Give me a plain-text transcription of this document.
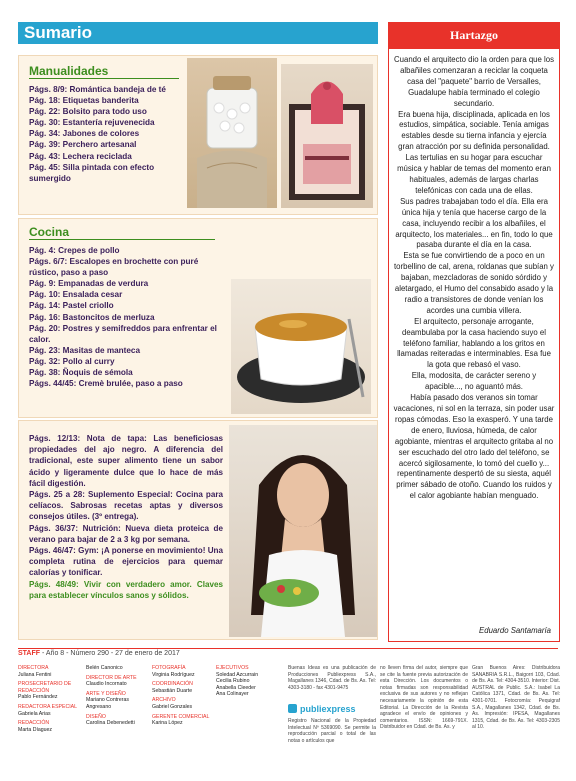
Sumario
Manualidades
Págs. 8/9: Romántica bandeja de té
Pág. 18: Etiquetas banderita
Pág. 22: Bolsito para todo uso
Pág. 30: Estantería rejuvenecida
Pág. 34: Jabones de colores
Pág. 39: Perchero artesanal
Pág. 43: Lechera reciclada
Pág. 45: Silla pintada con efecto sumergido
Cocina
Pág. 4: Crepes de pollo
Págs. 6/7: Escalopes en brochette con puré rústico, paso a paso
Pág. 9: Empanadas de verdura
Pág. 10: Ensalada cesar
Pág. 14: Pastel criollo
Pág. 16: Bastoncitos de merluza
Pág. 20: Postres y semifreddos para enfrentar el calor.
Pág. 23: Masitas de manteca
Pág. 32: Pollo al curry
Pág. 38: Ñoquis de sémola
Págs. 44/45: Cremè brulée, paso a paso

Págs. 12/13: Nota de tapa: Las beneficiosas propiedades del ajo negro. A diferencia del tradicional, este super alimento tiene un sabor ácido y ligeramente dulce que lo hace de más fácil digestión.

Págs. 25 a 28: Suplemento Especial: Cocina para celíacos. Sabrosas recetas aptas y diversos consejos útiles. (3º entrega).

Págs. 36/37: Nutrición: Nueva dieta proteica de verano para bajar de 2 a 3 kg por semana.

Págs. 46/47: Gym: ¡A ponerse en movimiento! Una completa rutina de ejercicios para quemar calorías y tonificar.

Págs. 48/49: Vivir con verdadero amor. Claves para establecer vínculos sanos y sólidos.

Hartazgo

Cuando el arquitecto dio la orden para que los albañiles comenzaran a reciclar la coqueta casa del "paquete" barrio de Versalles, Guadalupe había terminado el colegio secundario.

Era buena hija, disciplinada, aplicada en los estudios, simpática, sociable. Tenía amigas estables desde su tierna infancia y ejercía gran atracción por su definida personalidad.

Las tertulias en su hogar para escuchar música y hablar de temas del momento eran habituales, además de largas charlas telefónicas con cada una de ellas.

Sus padres trabajaban todo el día. Ella era única hija y tenía que hacerse cargo de la casa, incluyendo recibir a los albañiles, el arquitecto, los materiales... en fin, todo lo que pasaba durante el día en la casa.

Esta se fue convirtiendo de a poco en un torbellino de cal, arena, roldanas que subían y bajaban, mezcladoras de sonido sórdido y aletargado, el Humo del consabido asado y la radio a transistores de donde venían los acordes una cumbia villera.

El arquitecto, personaje arrogante, deambulaba por la casa haciendo suyo el teléfono familiar, hablando a los gritos en llamadas reiteradas e interminables. Esa fue la gota que rebasó el vaso.

Ella, modosita, de carácter sereno y apacible..., no aguantó más.

Había pasado dos veranos sin tomar vacaciones, ni sol en la terraza, sin poder usar ropas cómodas. Eso la exasperó. Y una tarde de enero, lluviosa, húmeda, de calor agobiante, mientras el arquitecto gritaba al no ser escuchado del otro lado del teléfono, se acercó sigilosamente, lo tomó del cuello y... repentinamente despertó de su siesta, aquél primer sábado de otoño. Cuando los ruidos y el calor agobiante habían menguado.

Eduardo Santamaría
STAFF - Año 8 - Número 290 - 27 de enero de 2017
DIRECTORA
Juliana Fentini
PROSECRETARIO DE REDACCIÓN
Pablo Fernández
REDACTORA ESPECIAL
Gabriela Arias
REDACCIÓN
Marta Díaguez
Belén Canonico
DIRECTOR DE ARTE
Claudio Incornato
ARTE Y DISEÑO
Mariano Contreras Angresano
DISEÑO
Carolina Debenedetti
FOTOGRAFÍA
Virginia Rodríguez
COORDINACIÓN
Sebastián Duarte
ARCHIVO
Gabriel Gonzales
GERENTE COMERCIAL
Karina López
EJECUTIVOS
Soledad Azcurrain
Cecilia Rubino
Anabella Cleeder
Ana Colinayer
publiexpress
Buenas Ideas es una publicación de Producciones Publiexpress S.A., Magallanes 1346, Cdad. de Bs. As. Tel: 4303-3180 - fax 4301-9475
Registro Nacional de la Propiedad Intelectual Nº 5369090. Se permite la reproducción parcial o total de las notas o artículos que
no lleven firma del autor, siempre que se cite la fuente previa autorización de esta Dirección. Los documentos o notas firmadas son responsabilidad exclusiva de sus autores y no reflejan necesariamente la opinión de esta Editorial. La Dirección de la Revista agradece el envío de opiniones y comentarios. ISSN: 1669-791X. Distribuidor en Cdad. de Bs. As. y
Gran Buenos Aires: Distribuidora SANABRIA S.R.L., Baigorri 103, Cdad. de Bs. As. Tel: 4304-3510. Interior: Dist. AUSTRAL de Public. S.A.: Isabel La Católica 1371, Cdad. de Bs. As. Tel: 4301-0701. Fotocromía: Pequigraf S.A., Magallanes 1342, Cdad. de Bs. As. Impresión: IPESA, Magallanes 1315, Cdad. de Bs. As. Tel: 4303-2305 al 10.
